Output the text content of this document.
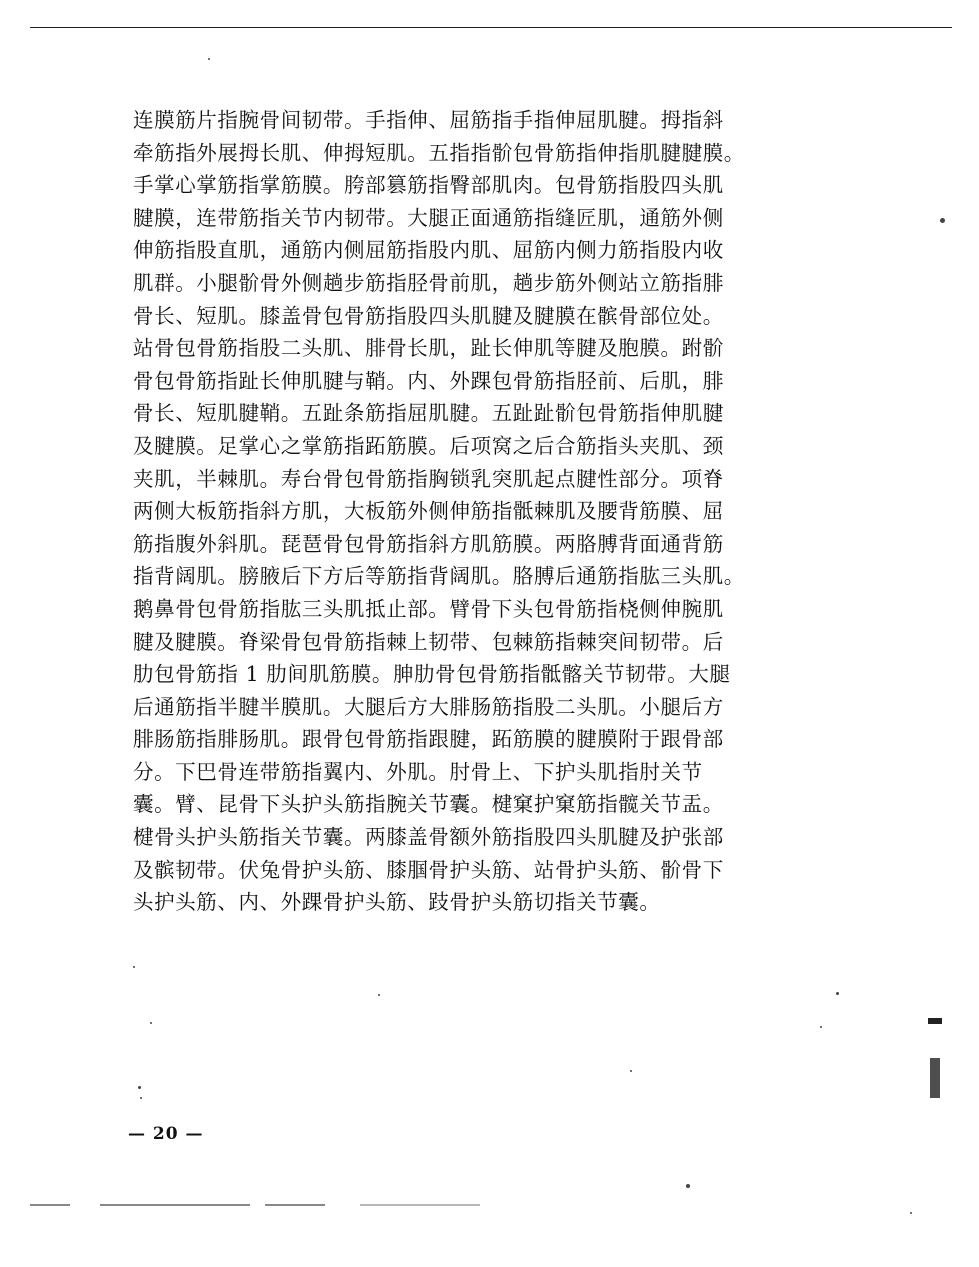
连膜筋片指腕骨间韧带。手指伸、屈筋指手指伸屈肌腱。拇指斜
牵筋指外展拇长肌、伸拇短肌。五指指骱包骨筋指伸指肌腱腱膜。
手掌心掌筋指掌筋膜。胯部篡筋指臀部肌肉。包骨筋指股四头肌
腱膜，连带筋指关节内韧带。大腿正面通筋指缝匠肌，通筋外侧
伸筋指股直肌，通筋内侧屈筋指股内肌、屈筋内侧力筋指股内收
肌群。小腿骱骨外侧趟步筋指胫骨前肌，趟步筋外侧站立筋指腓
骨长、短肌。膝盖骨包骨筋指股四头肌腱及腱膜在髌骨部位处。
站骨包骨筋指股二头肌、腓骨长肌，趾长伸肌等腱及胞膜。跗骱
骨包骨筋指趾长伸肌腱与鞘。内、外踝包骨筋指胫前、后肌，腓
骨长、短肌腱鞘。五趾条筋指屈肌腱。五趾趾骱包骨筋指伸肌腱
及腱膜。足掌心之掌筋指跖筋膜。后项窝之后合筋指头夹肌、颈
夹肌，半棘肌。寿台骨包骨筋指胸锁乳突肌起点腱性部分。项脊
两侧大板筋指斜方肌，大板筋外侧伸筋指骶棘肌及腰背筋膜、屈
筋指腹外斜肌。琵琶骨包骨筋指斜方肌筋膜。两胳膊背面通背筋
指背阔肌。膀腋后下方后等筋指背阔肌。胳膊后通筋指肱三头肌。
鹅鼻骨包骨筋指肱三头肌抵止部。臂骨下头包骨筋指桡侧伸腕肌
腱及腱膜。脊梁骨包骨筋指棘上韧带、包棘筋指棘突间韧带。后
肋包骨筋指 1 肋间肌筋膜。胂肋骨包骨筋指骶髂关节韧带。大腿
后通筋指半腱半膜肌。大腿后方大腓肠筋指股二头肌。小腿后方
腓肠筋指腓肠肌。跟骨包骨筋指跟腱，跖筋膜的腱膜附于跟骨部
分。下巴骨连带筋指翼内、外肌。肘骨上、下护头肌指肘关节
囊。臂、昆骨下头护头筋指腕关节囊。楗窠护窠筋指髋关节盂。
楗骨头护头筋指关节囊。两膝盖骨额外筋指股四头肌腱及护张部
及髌韧带。伏兔骨护头筋、膝腘骨护头筋、站骨护头筋、骱骨下
头护头筋、内、外踝骨护头筋、跂骨护头筋切指关节囊。
— 20 —
